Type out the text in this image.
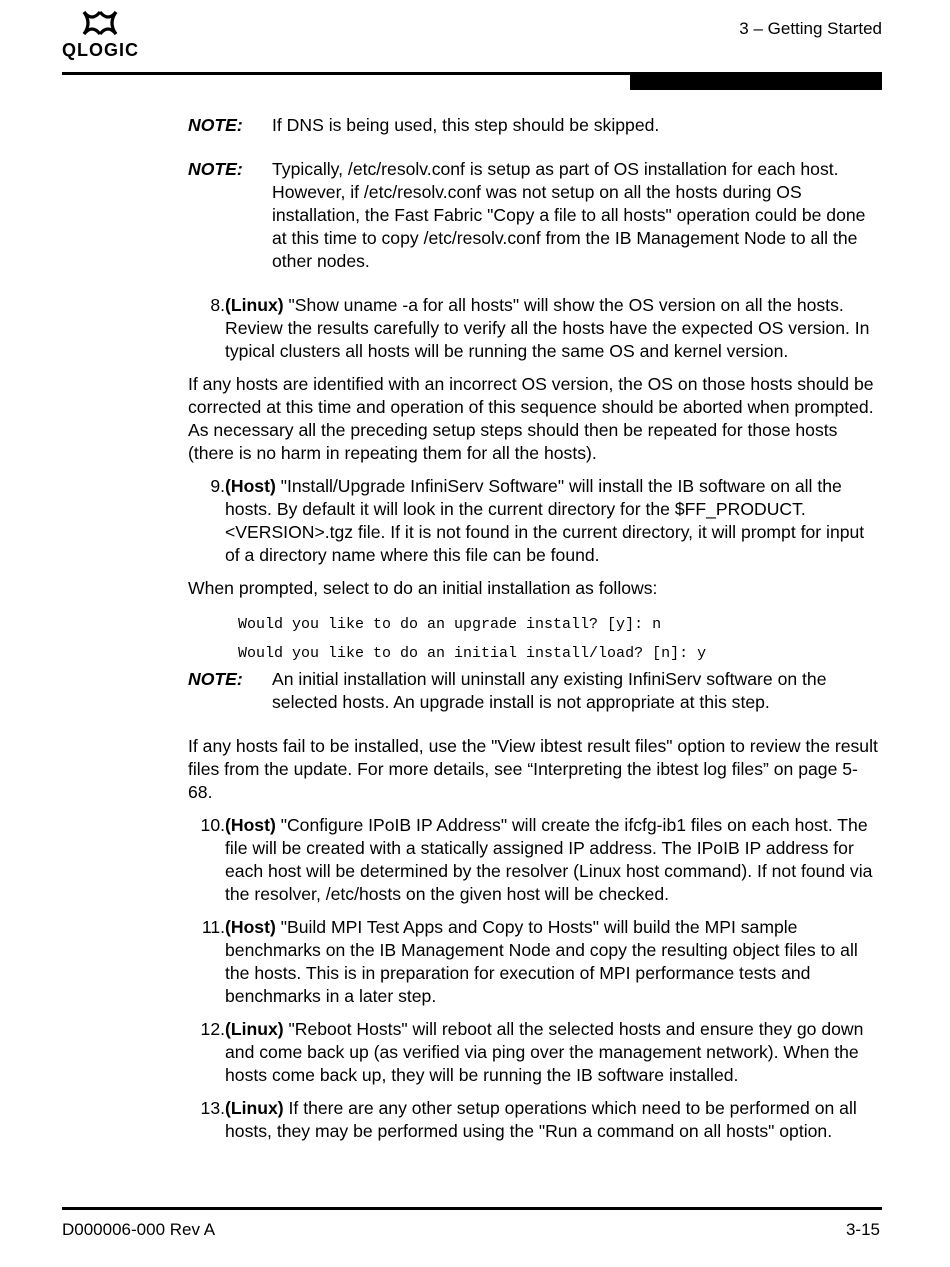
QLOGIC
3 – Getting Started
NOTE:	If DNS is being used, this step should be skipped.
NOTE:	Typically, /etc/resolv.conf is setup as part of OS installation for each host. However, if /etc/resolv.conf was not setup on all the hosts during OS installation, the Fast Fabric "Copy a file to all hosts" operation could be done at this time to copy /etc/resolv.conf from the IB Management Node to all the other nodes.
8. (Linux) "Show uname -a for all hosts" will show the OS version on all the hosts. Review the results carefully to verify all the hosts have the expected OS version. In typical clusters all hosts will be running the same OS and kernel version.
If any hosts are identified with an incorrect OS version, the OS on those hosts should be corrected at this time and operation of this sequence should be aborted when prompted. As necessary all the preceding setup steps should then be repeated for those hosts (there is no harm in repeating them for all the hosts).
9. (Host) "Install/Upgrade InfiniServ Software" will install the IB software on all the hosts. By default it will look in the current directory for the $FF_PRODUCT.<VERSION>.tgz file. If it is not found in the current directory, it will prompt for input of a directory name where this file can be found.
When prompted, select to do an initial installation as follows:
Would you like to do an upgrade install? [y]: n
Would you like to do an initial install/load? [n]: y
NOTE:	An initial installation will uninstall any existing InfiniServ software on the selected hosts. An upgrade install is not appropriate at this step.
If any hosts fail to be installed, use the "View ibtest result files" option to review the result files from the update. For more details, see “Interpreting the ibtest log files” on page 5-68.
10. (Host) "Configure IPoIB IP Address" will create the ifcfg-ib1 files on each host. The file will be created with a statically assigned IP address. The IPoIB IP address for each host will be determined by the resolver (Linux host command). If not found via the resolver, /etc/hosts on the given host will be checked.
11. (Host) "Build MPI Test Apps and Copy to Hosts" will build the MPI sample benchmarks on the IB Management Node and copy the resulting object files to all the hosts. This is in preparation for execution of MPI performance tests and benchmarks in a later step.
12. (Linux) "Reboot Hosts" will reboot all the selected hosts and ensure they go down and come back up (as verified via ping over the management network). When the hosts come back up, they will be running the IB software installed.
13. (Linux) If there are any other setup operations which need to be performed on all hosts, they may be performed using the "Run a command on all hosts" option.
D000006-000 Rev A	3-15
